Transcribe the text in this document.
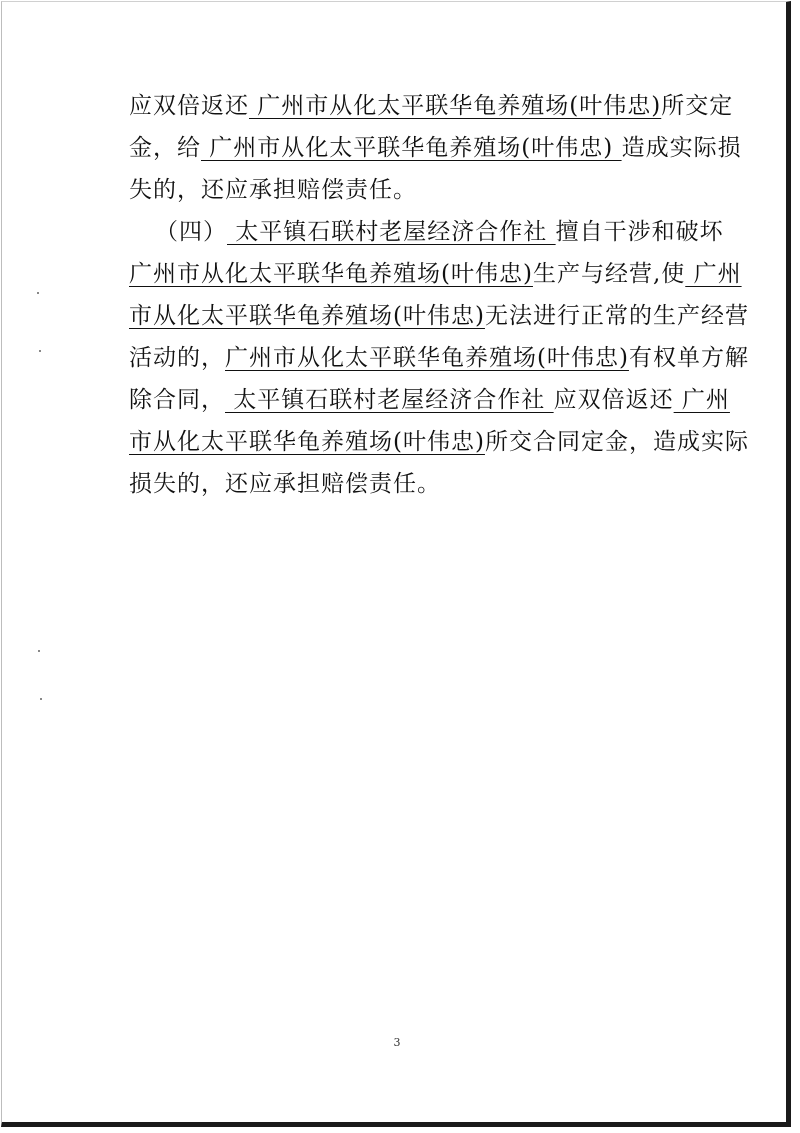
应双倍返还 广州市从化太平联华龟养殖场(叶伟忠)所交定
金，给 广州市从化太平联华龟养殖场(叶伟忠) 造成实际损
失的，还应承担赔偿责任。
（四） 太平镇石联村老屋经济合作社 擅自干涉和破坏
广州市从化太平联华龟养殖场(叶伟忠)生产与经营,使 广州
市从化太平联华龟养殖场(叶伟忠)无法进行正常的生产经营
活动的，广州市从化太平联华龟养殖场(叶伟忠)有权单方解
除合同， 太平镇石联村老屋经济合作社 应双倍返还 广州
市从化太平联华龟养殖场(叶伟忠)所交合同定金，造成实际
损失的，还应承担赔偿责任。
3
